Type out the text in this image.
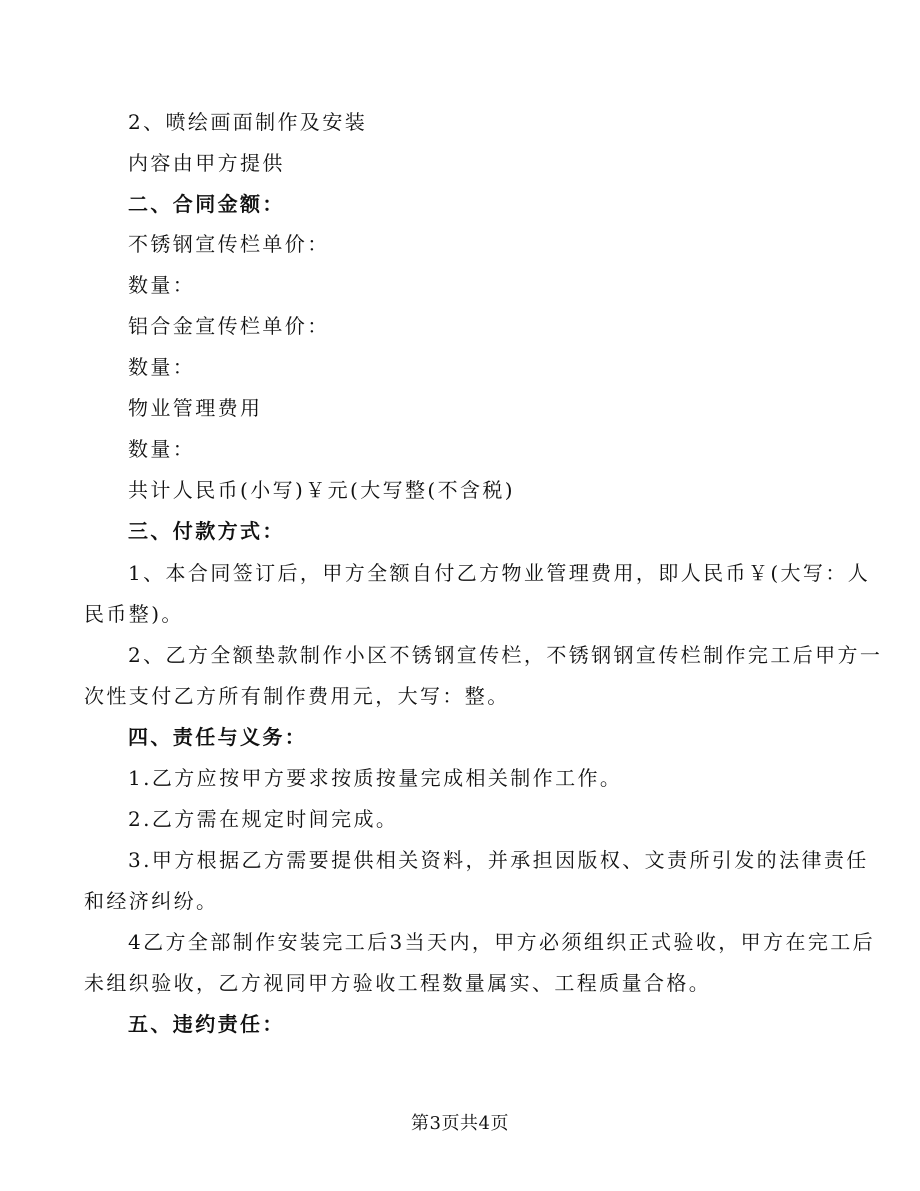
2、喷绘画面制作及安装
内容由甲方提供
二、合同金额：
不锈钢宣传栏单价：
数量：
铝合金宣传栏单价：
数量：
物业管理费用
数量：
共计人民币(小写)￥元(大写整(不含税)
三、付款方式：
1、本合同签订后，甲方全额自付乙方物业管理费用，即人民币￥(大写：人
民币整)。
2、乙方全额垫款制作小区不锈钢宣传栏，不锈钢钢宣传栏制作完工后甲方一
次性支付乙方所有制作费用元，大写：整。
四、责任与义务：
1.乙方应按甲方要求按质按量完成相关制作工作。
2.乙方需在规定时间完成。
3.甲方根据乙方需要提供相关资料，并承担因版权、文责所引发的法律责任
和经济纠纷。
4乙方全部制作安装完工后3当天内，甲方必须组织正式验收，甲方在完工后
未组织验收，乙方视同甲方验收工程数量属实、工程质量合格。
五、违约责任：
第3页共4页
